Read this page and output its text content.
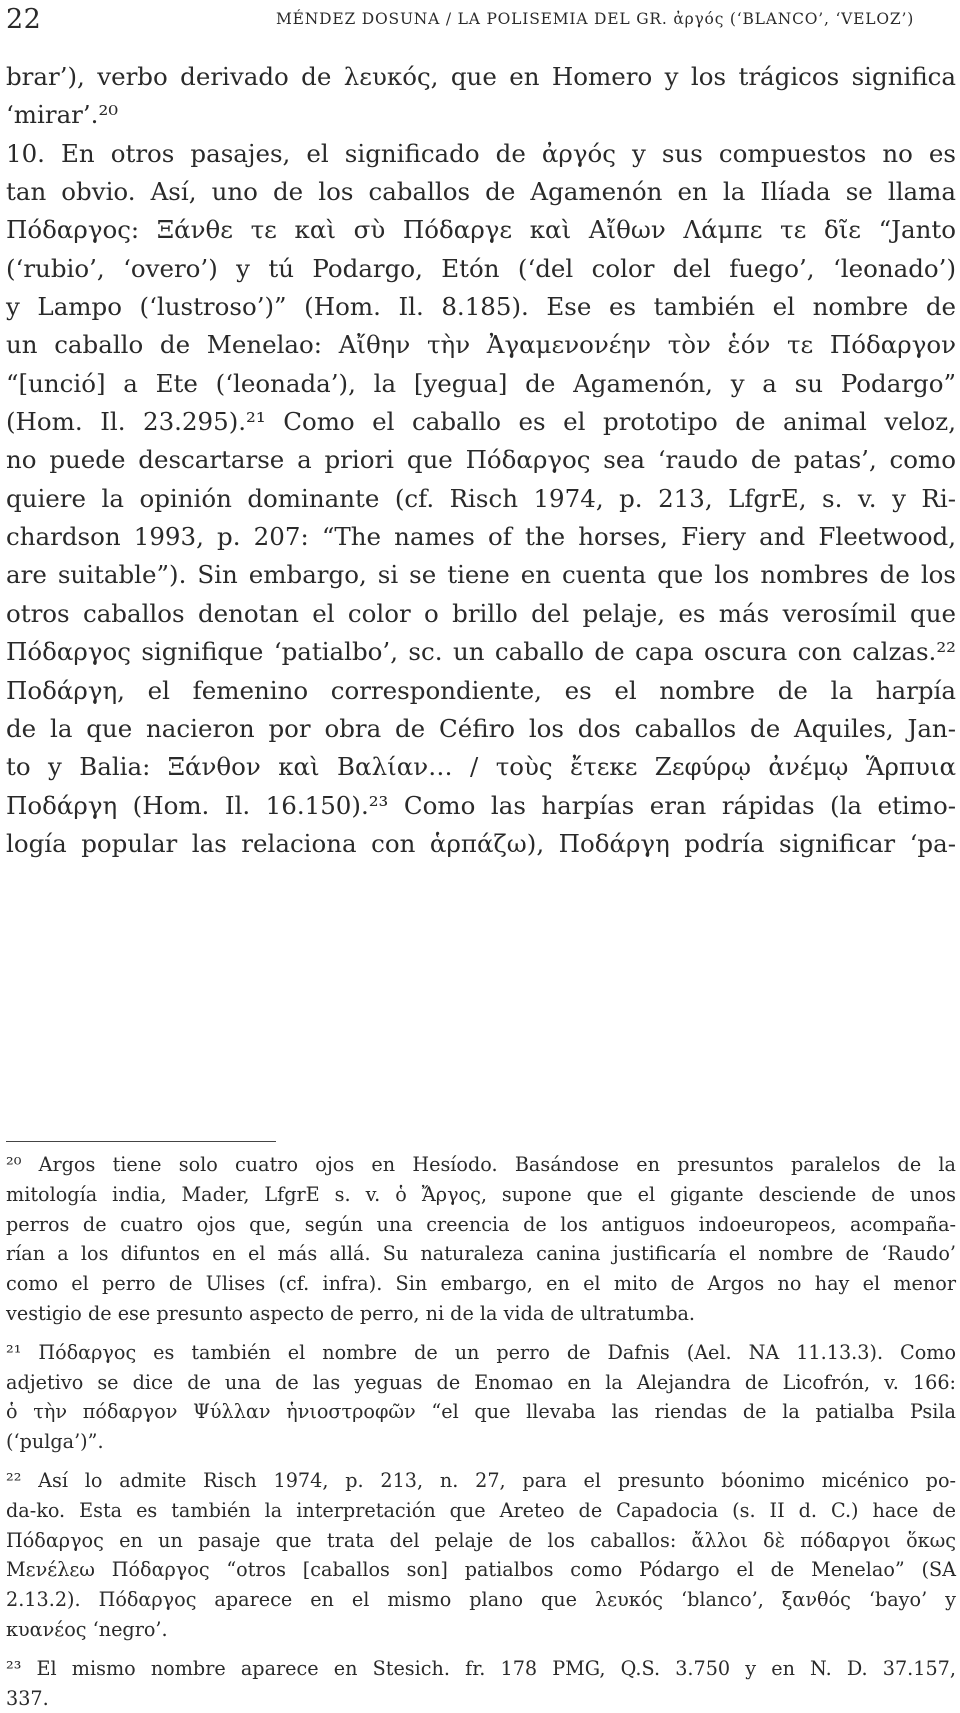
22	MÉNDEZ DOSUNA / LA POLISEMIA DEL GR. ἀργός (‘BLANCO’, ‘VELOZ’)
brar’), verbo derivado de λευκός, que en Homero y los trágicos significa
‘mirar’.²⁰
10. En otros pasajes, el significado de ἀργός y sus compuestos no es
tan obvio. Así, uno de los caballos de Agamenón en la Ilíada se llama
Πόδαργος: Ξάνθε τε καὶ σὺ Πόδαργε καὶ Αἴθων Λάμπε τε δῖε “Janto
(‘rubio’, ‘overo’) y tú Podargo, Etón (‘del color del fuego’, ‘leonado’)
y Lampo (‘lustroso’)” (Hom. Il. 8.185). Ese es también el nombre de
un caballo de Menelao: Αἴθην τὴν Ἀγαμενονέην τὸν ἑόν τε Πόδαργον
“[unció] a Ete (‘leonada’), la [yegua] de Agamenón, y a su Podargo”
(Hom. Il. 23.295).²¹ Como el caballo es el prototipo de animal veloz,
no puede descartarse a priori que Πόδαργος sea ‘raudo de patas’, como
quiere la opinión dominante (cf. Risch 1974, p. 213, LfgrE, s. v. y Ri-
chardson 1993, p. 207: “The names of the horses, Fiery and Fleetwood,
are suitable”). Sin embargo, si se tiene en cuenta que los nombres de los
otros caballos denotan el color o brillo del pelaje, es más verosímil que
Πόδαργος signifique ‘patialbo’, sc. un caballo de capa oscura con calzas.²²
Ποδάργη, el femenino correspondiente, es el nombre de la harpía
de la que nacieron por obra de Céfiro los dos caballos de Aquiles, Jan-
to y Balia: Ξάνθον καὶ Βαλίαν… / τοὺς ἔτεκε Ζεφύρῳ ἀνέμῳ Ἅρπυια
Ποδάργη (Hom. Il. 16.150).²³ Como las harpías eran rápidas (la etimo-
logía popular las relaciona con ἁρπάζω), Ποδάργη podría significar ‘pa-
²⁰ Argos tiene solo cuatro ojos en Hesíodo. Basándose en presuntos paralelos de la
mitología india, Mader, LfgrE s. v. ὁ Ἄργος, supone que el gigante desciende de unos
perros de cuatro ojos que, según una creencia de los antiguos indoeuropeos, acompaña-
rían a los difuntos en el más allá. Su naturaleza canina justificaría el nombre de ‘Raudo’
como el perro de Ulises (cf. infra). Sin embargo, en el mito de Argos no hay el menor
vestigio de ese presunto aspecto de perro, ni de la vida de ultratumba.
²¹ Πόδαργος es también el nombre de un perro de Dafnis (Ael. NA 11.13.3). Como
adjetivo se dice de una de las yeguas de Enomao en la Alejandra de Licofrón, v. 166:
ὁ τὴν πόδαργον Ψύλλαν ἡνιοστροφῶν “el que llevaba las riendas de la patialba Psila
(‘pulga’)”.
²² Así lo admite Risch 1974, p. 213, n. 27, para el presunto bóonimo micénico po-
da-ko. Esta es también la interpretación que Areteo de Capadocia (s. II d. C.) hace de
Πόδαργος en un pasaje que trata del pelaje de los caballos: ἄλλοι δὲ πόδαργοι ὅκως
Μενέλεω Πόδαργος “otros [caballos son] patialbos como Pódargo el de Menelao” (SA
2.13.2). Πόδαργος aparece en el mismo plano que λευκός ‘blanco’, ξανθός ‘bayo’ y
κυανέος ‘negro’.
²³ El mismo nombre aparece en Stesich. fr. 178 PMG, Q.S. 3.750 y en N. D. 37.157,
337.
